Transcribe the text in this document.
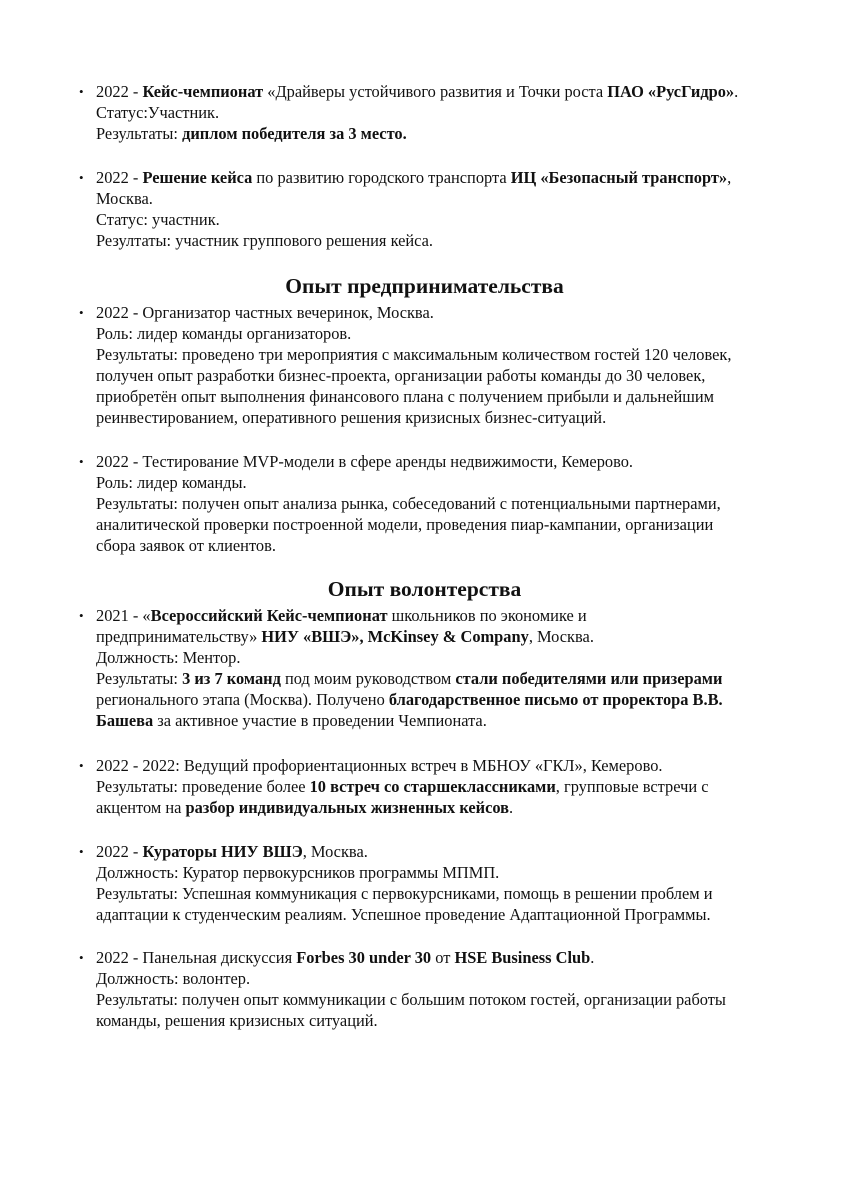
• 2022 - Кейс-чемпионат «Драйверы устойчивого развития и Точки роста ПАО «РусГидро».
Статус:Участник.
Результаты: диплом победителя за 3 место.
• 2022 - Решение кейса по развитию городского транспорта ИЦ «Безопасный транспорт»,
Москва.
Статус: участник.
Резултаты: участник группового решения кейса.
Опыт предпринимательства
• 2022 - Организатор частных вечеринок, Москва.
Роль: лидер команды организаторов.
Результаты: проведено три мероприятия с максимальным количеством гостей 120 человек,
получен опыт разработки бизнес-проекта, организации работы команды до 30 человек,
приобретён опыт выполнения финансового плана с получением прибыли и дальнейшим
реинвестированием, оперативного решения кризисных бизнес-ситуаций.
• 2022 - Тестирование MVP-модели в сфере аренды недвижимости, Кемерово.
Роль: лидер команды.
Результаты: получен опыт анализа рынка, собеседований с потенциальными партнерами,
аналитической проверки построенной модели, проведения пиар-кампании, организации
сбора заявок от клиентов.
Опыт волонтерства
• 2021 - «Всероссийский Кейс-чемпионат школьников по экономике и
предпринимательству» НИУ «ВШЭ», McKinsey & Company, Москва.
Должность: Ментор.
Результаты: 3 из 7 команд под моим руководством стали победителями или призерами
регионального этапа (Москва). Получено благодарственное письмо от проректора В.В.
Башева за активное участие в проведении Чемпионата.
• 2022 - 2022: Ведущий профориентационных встреч в МБНОУ «ГКЛ», Кемерово.
Результаты: проведение более 10 встреч со старшеклассниками, групповые встречи с
акцентом на разбор индивидуальных жизненных кейсов.
• 2022 - Кураторы НИУ ВШЭ, Москва.
Должность: Куратор первокурсников программы МПМП.
Результаты: Успешная коммуникация с первокурсниками, помощь в решении проблем и
адаптации к студенческим реалиям. Успешное проведение Адаптационной Программы.
• 2022 - Панельная дискуссия Forbes 30 under 30 от HSE Business Club.
Должность: волонтер.
Результаты: получен опыт коммуникации с большим потоком гостей, организации работы
команды, решения кризисных ситуаций.
